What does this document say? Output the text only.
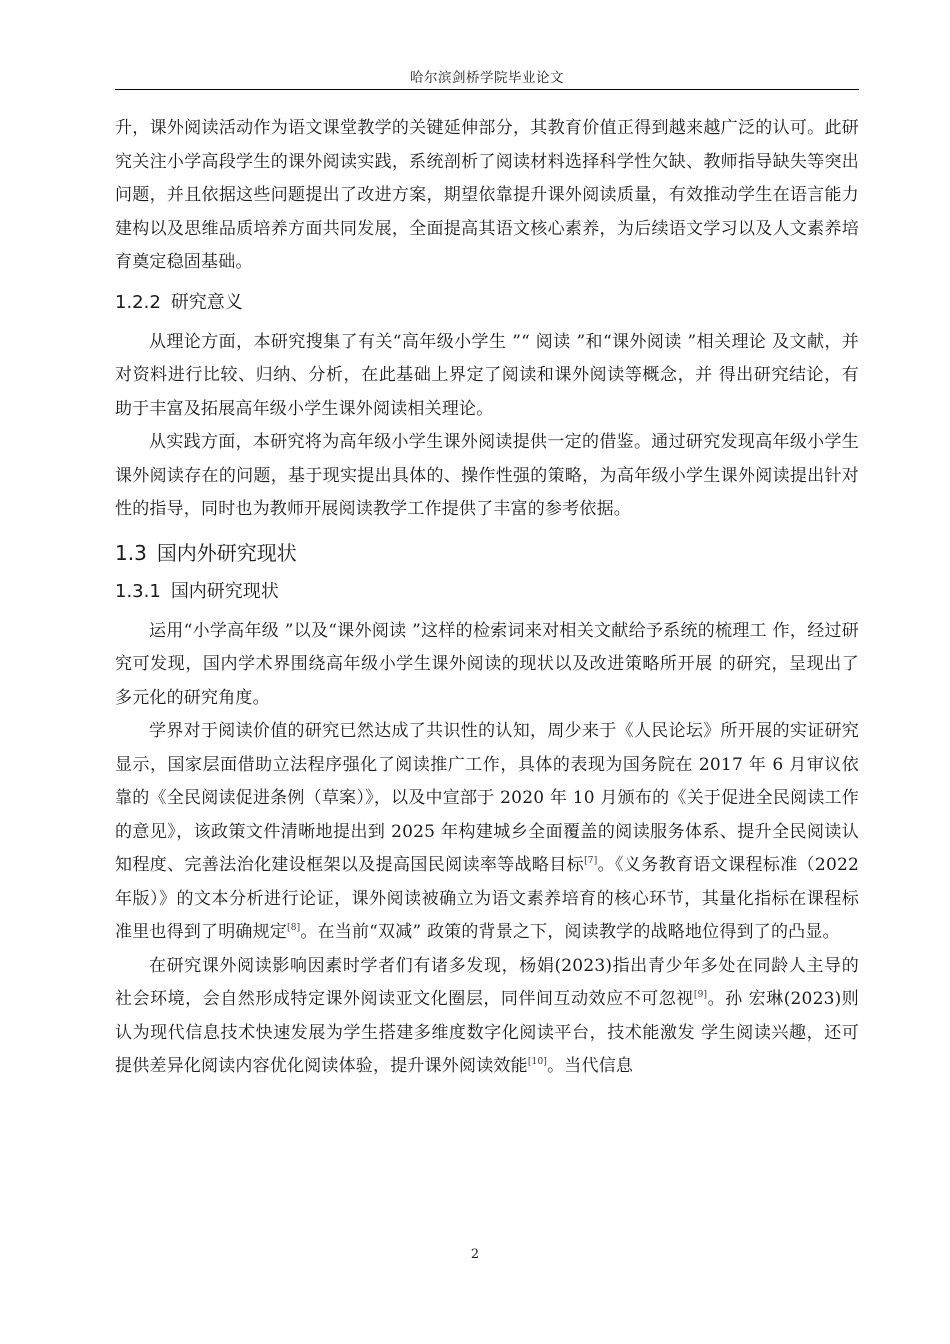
哈尔滨剑桥学院毕业论文

升，课外阅读活动作为语文课堂教学的关键延伸部分，其教育价值正得到越来越广泛的认可。此研究关注小学高段学生的课外阅读实践，系统剖析了阅读材料选择科学性欠缺、教师指导缺失等突出问题，并且依据这些问题提出了改进方案，期望依靠提升课外阅读质量，有效推动学生在语言能力建构以及思维品质培养方面共同发展，全面提高其语文核心素养，为后续语文学习以及人文素养培育奠定稳固基础。

1.2.2 研究意义

从理论方面，本研究搜集了有关“高年级小学生 ”“ 阅读 ”和“课外阅读 ”相关理论 及文献，并对资料进行比较、归纳、分析，在此基础上界定了阅读和课外阅读等概念，并 得出研究结论，有助于丰富及拓展高年级小学生课外阅读相关理论。

从实践方面，本研究将为高年级小学生课外阅读提供一定的借鉴。通过研究发现高年级小学生课外阅读存在的问题，基于现实提出具体的、操作性强的策略，为高年级小学生课外阅读提出针对性的指导，同时也为教师开展阅读教学工作提供了丰富的参考依据。

1.3 国内外研究现状
1.3.1 国内研究现状

运用“小学高年级 ”以及“课外阅读 ”这样的检索词来对相关文献给予系统的梳理工 作，经过研究可发现，国内学术界围绕高年级小学生课外阅读的现状以及改进策略所开展 的研究，呈现出了多元化的研究角度。

学界对于阅读价值的研究已然达成了共识性的认知，周少来于《人民论坛》所开展的实证研究显示，国家层面借助立法程序强化了阅读推广工作，具体的表现为国务院在 2017 年 6 月审议依靠的《全民阅读促进条例（草案）》，以及中宣部于 2020 年 10 月颁布的《关于促进全民阅读工作的意见》，该政策文件清晰地提出到 2025 年构建城乡全面覆盖的阅读服务体系、提升全民阅读认知程度、完善法治化建设框架以及提高国民阅读率等战略目标[7]。《义务教育语文课程标准（2022 年版）》的文本分析进行论证，课外阅读被确立为语文素养培育的核心环节，其量化指标在课程标准里也得到了明确规定[8]。在当前“双减” 政策的背景之下，阅读教学的战略地位得到了的凸显。

在研究课外阅读影响因素时学者们有诸多发现，杨娟(2023)指出青少年多处在同龄人主导的社会环境，会自然形成特定课外阅读亚文化圈层，同伴间互动效应不可忽视[9]。孙 宏琳(2023)则认为现代信息技术快速发展为学生搭建多维度数字化阅读平台，技术能激发 学生阅读兴趣，还可提供差异化阅读内容优化阅读体验，提升课外阅读效能[10]。当代信息

2
